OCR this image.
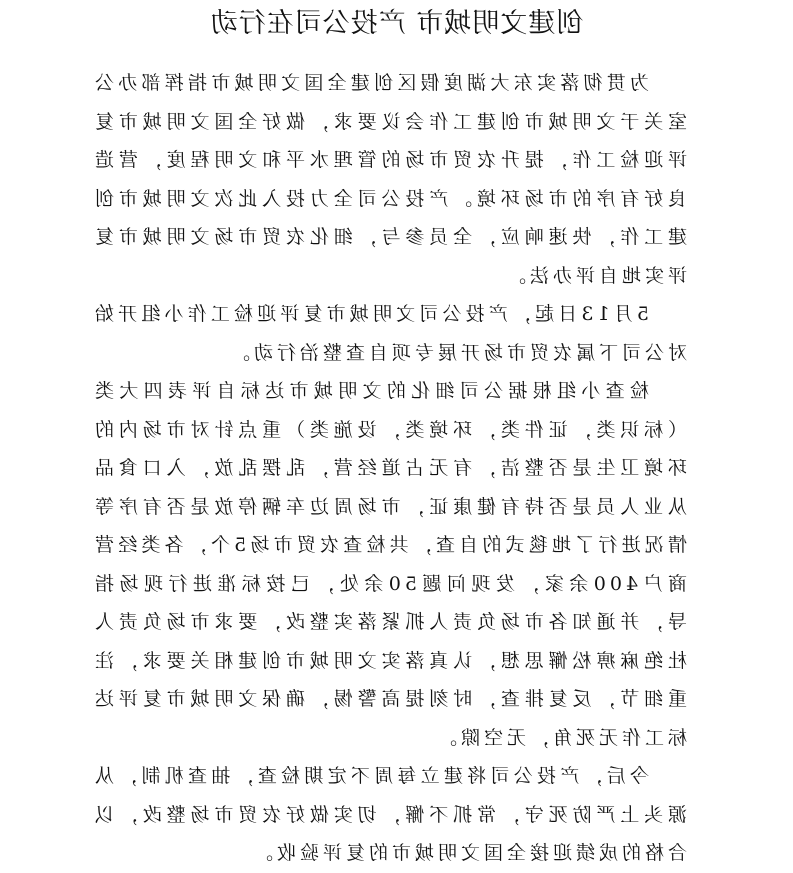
创建文明城市 产投公司在行动

为贯彻落实东大湖度假区创建全国文明城市指挥部办公室关于文明城市创建工作会议要求，做好全国文明城市复评迎检工作，提升农贸市场的管理水平和文明程度，营造良好有序的市场环境。产投公司全力投入此次文明城市创建工作，快速响应，全员参与，细化农贸市场文明城市复评实地自评办法。

5月13日起，产投公司文明城市复评迎检工作小组开始对公司下属农贸市场开展专项自查整治行动。

检查小组根据公司细化的文明城市达标自评表四大类（标识类，证件类，环境类，设施类）重点针对市场内的环境卫生是否整洁，有无占道经营，乱摆乱放，入口食品从业人员是否持有健康证，市场周边车辆停放是否有序等情况进行了地毯式的自查，共检查农贸市场5个，各类经营商户400余家，发现问题50余处，已按标准进行现场指导，并通知各市场负责人抓紧落实整改，要求市场负责人杜绝麻痹松懈思想，认真落实文明城市创建相关要求，注重细节，反复排查，时刻提高警惕，确保文明城市复评达标工作无死角，无空隙。

今后，产投公司将建立每周不定期检查，抽查机制，从源头上严防死守，常抓不懈，切实做好农贸市场整改，以合格的成绩迎接全国文明城市的复评验收。
